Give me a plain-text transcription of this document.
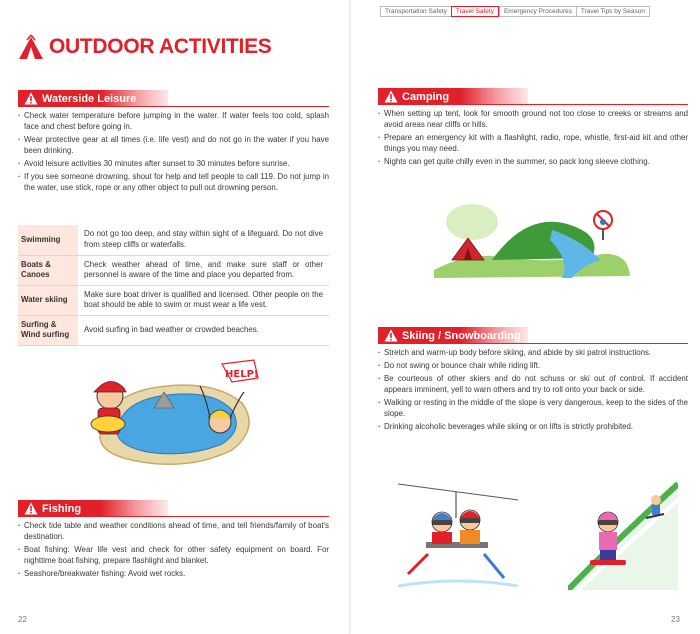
Transportation Safety	Travel Safety	Emergency Procedures	Travel Tips by Season
OUTDOOR ACTIVITIES
Waterside Leisure
· Check water temperature before jumping in the water. If water feels too cold, splash face and chest before going in.
· Wear protective gear at all times (i.e. life vest) and do not go in the water if you have been drinking.
· Avoid leisure activities 30 minutes after sunset to 30 minutes before sunrise.
· If you see someone drowning, shout for help and tell people to call 119. Do not jump in the water, use stick, rope or any other object to pull out drowning person.
Swimming	Do not go too deep, and stay within sight of a lifeguard. Do not dive from steep cliffs or waterfalls.
Boats & Canoes	Check weather ahead of time, and make sure staff or other personnel is aware of the time and place you departed from.
Water skiing	Make sure boat driver is qualified and licensed. Other people on the boat should be able to swim or must wear a life vest.
Surfing & Wind surfing	Avoid surfing in bad weather or crowded beaches.
HELP!
Fishing
· Check tide table and weather conditions ahead of time, and tell friends/family of boat's destination.
· Boat fishing: Wear life vest and check for other safety equipment on board. For nighttime boat fishing, prepare flashlight and blanket.
· Seashore/breakwater fishing: Avoid wet rocks.
22
Camping
· When setting up tent, look for smooth ground not too close to creeks or streams and avoid areas near cliffs or hills.
· Prepare an emergency kit with a flashlight, radio, rope, whistle, first-aid kit and other things you may need.
· Nights can get quite chilly even in the summer, so pack long sleeve clothing.
Skiing / Snowboarding
· Stretch and warm-up body before skiing, and abide by ski patrol instructions.
· Do not swing or bounce chair while riding lift.
· Be courteous of other skiers and do not schuss or ski out of control. If accident appears imminent, yell to warn others and try to roll onto your back or side.
· Walking or resting in the middle of the slope is very dangerous, keep to the sides of the slope.
· Drinking alcoholic beverages while skiing or on lifts is strictly prohibited.
23
